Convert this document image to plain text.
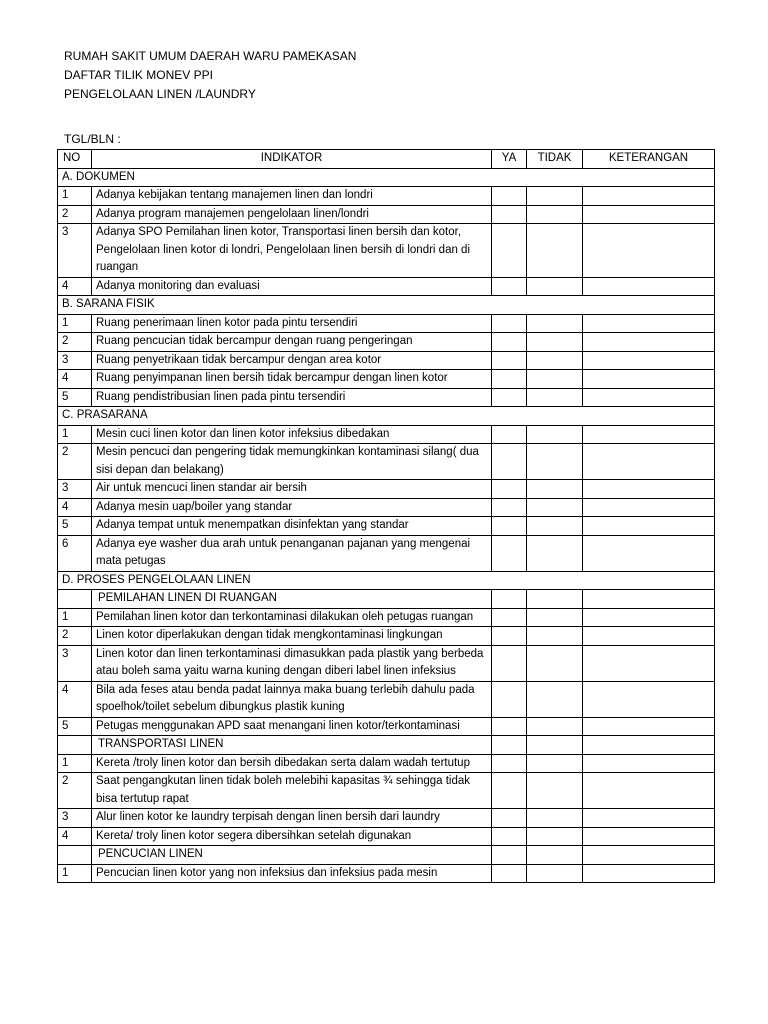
RUMAH SAKIT UMUM DAERAH WARU PAMEKASAN
DAFTAR TILIK MONEV PPI
PENGELOLAAN LINEN /LAUNDRY
TGL/BLN :
NO	INDIKATOR	YA	TIDAK	KETERANGAN
A. DOKUMEN				
1	Adanya kebijakan tentang manajemen linen dan londri			
2	Adanya program manajemen pengelolaan linen/londri			
3	Adanya SPO Pemilahan linen kotor, Transportasi linen bersih dan kotor, Pengelolaan linen kotor di londri, Pengelolaan linen bersih di londri dan di ruangan			
4	Adanya monitoring dan evaluasi			
B. SARANA FISIK				
1	Ruang penerimaan linen kotor pada pintu tersendiri			
2	Ruang pencucian tidak bercampur dengan ruang pengeringan			
3	Ruang penyetrikaan tidak bercampur dengan area kotor			
4	Ruang penyimpanan linen bersih tidak bercampur dengan linen kotor			
5	Ruang pendistribusian linen pada pintu tersendiri			
C. PRASARANA				
1	Mesin cuci linen kotor dan linen kotor infeksius dibedakan			
2	Mesin pencuci dan pengering tidak memungkinkan kontaminasi silang( dua sisi depan dan belakang)			
3	Air untuk mencuci linen standar air bersih			
4	Adanya mesin uap/boiler yang standar			
5	Adanya tempat untuk menempatkan disinfektan yang standar			
6	Adanya eye washer dua arah untuk penanganan pajanan yang mengenai mata petugas			
D. PROSES PENGELOLAAN LINEN				
	PEMILAHAN LINEN DI RUANGAN			
1	Pemilahan linen kotor dan terkontaminasi dilakukan oleh petugas ruangan			
2	Linen kotor diperlakukan dengan tidak mengkontaminasi lingkungan			
3	Linen kotor dan linen terkontaminasi dimasukkan pada plastik yang berbeda atau boleh sama yaitu warna kuning dengan diberi label linen infeksius			
4	Bila ada feses atau benda padat lainnya maka buang terlebih dahulu pada spoelhok/toilet sebelum dibungkus plastik kuning			
5	Petugas menggunakan APD saat menangani linen kotor/terkontaminasi			
	TRANSPORTASI LINEN			
1	Kereta /troly linen kotor dan bersih dibedakan serta dalam wadah tertutup			
2	Saat pengangkutan linen tidak boleh melebihi kapasitas ¾ sehingga tidak bisa tertutup rapat			
3	Alur linen kotor ke laundry terpisah dengan linen bersih dari laundry			
4	Kereta/ troly linen kotor segera dibersihkan setelah digunakan			
	PENCUCIAN LINEN			
1	Pencucian linen kotor yang non infeksius dan infeksius pada mesin			
